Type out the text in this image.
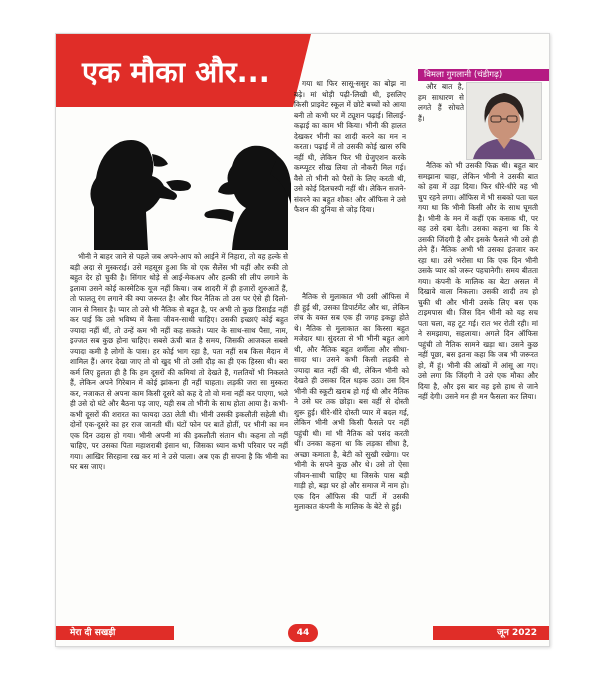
एक मौका और...	विमला गुगलानी (चंडीगढ़)

भीनी ने बाहर जाने से पहले जब अपने-आप को आईने में निहारा, तो वह हल्के से बड़ी अदा से मुस्कराई। उसे महसूस हुआ कि वो एक सैलेंस भी यहीं और रुकी तो बहुत देर हो चुकी है। सिंगार थोड़े से आई-मेकअप और हल्की सी लीप लगाने के इलावा उसने कोई कास्मेटिक यूज नहीं किया। जब शादरी में ही हजारों शुरुआतें हैं, तो फालतू रंग लगाने की क्या जरूरत है! और फिर नैतिक तो उस पर ऐसे ही दिलो-जान से निसार है। प्यार तो उसे भी नैतिक से बहुत है, पर अभी तो कुछ डिसाईड नहीं कर पाई कि उसे भविष्य में कैसा जीवन-साथी चाहिए। उसकी इच्छाएं कोई बहुत ज्यादा नहीं थीं, तो उन्हें कम भी नहीं कह सकते। प्यार के साथ-साथ पैसा, नाम, इज्जत सब कुछ होना चाहिए। सबसे ऊंची बात है समय, जिसकी आजकल सबसे ज्यादा कमी है लोगों के पास। हर कोई भाग रहा है, पता नहीं सब किस मैदान में शामिल हैं। अगर देखा जाए तो वो खुद भी तो उसी दौड़ का ही एक हिस्सा थी। बरा कर्म लिए हुलता ही है कि हम दूसरों की कमियां तो देखते हैं, गलतियों भी निकलते हैं, लेकिन अपने गिरेबान में कोई झांकना ही नहीं चाहता। लड़की जरा सा मुस्करा कर, नजाकत से अपना काम किसी दूसरे को कह दे तो वो मना नहीं कर पाएगा, भले ही उसे दो घंटे और बैठना पड़ जाए, यही सब तो भीनी के साथ होता आया है। कभी-कभी दूसरों की शरारत का फायदा उठा लेती थी। भीनी उसकी इकलौती सहेली थी। दोनों एक-दूसरे का हर राज जानती थीं। घंटों फोन पर बातें होतीं, पर भीनी का मन एक दिन उदास हो गया। भीनी अपनी मां की इकलौती संतान थी। कहना तो नहीं चाहिए, पर उसका पिता महाशराबी इंसान था, जिसका ध्यान कभी परिवार पर नहीं गया। आखिर सिरहाना रख कर मां ने उसे पाला। अब एक ही सपना है कि भीनी का घर बस जाए।

गया था फिर सासू-ससुर का बोझ ना बढ़े। मां थोड़ी पढ़ी-लिखी थी, इसलिए किसी प्राइवेट स्कूल में छोटे बच्चों को आया बनी तो कभी घर में ट्यूशन पढ़ाई। सिलाई-कढ़ाई का काम भी किया। भीनी की हालत देखकर भीनी का शादी करने का मन न करता। पढ़ाई में तो उसकी कोई खास रुचि नहीं थी, लेकिन फिर भी ग्रेजुएशन करके कम्प्यूटर सीख लिया तो नौकरी मिल गई। वैसे तो भीनी को पैसों के लिए करती थी, उसे कोई दिलचस्पी नहीं थी। लेकिन सजने-संवरने का बहुत शौक! और ऑफिस ने उसे फैशन की दुनिया से जोड़ दिया।

नैतिक से मुलाकात भी उसी ऑफिस में ही हुई थी, उसका डिपार्टमेंट और था, लेकिन लंच के वक्त सब एक ही जगह इकट्ठा होते थे। नैतिक से मुलाकात का किस्सा बहुत मजेदार था। सुंदरता से भी भीनी बहुत आगे थी, और नैतिक बहुत शर्मीला और सीधा-सादा था। उसने कभी किसी लड़की से ज्यादा बात नहीं की थी, लेकिन भीनी को देखते ही उसका दिल धड़क उठा। उस दिन भीनी की स्कूटी खराब हो गई थी और नैतिक ने उसे घर तक छोड़ा। बस वहीं से दोस्ती शुरू हुई। धीरे-धीरे दोस्ती प्यार में बदल गई, लेकिन भीनी अभी किसी फैसले पर नहीं पहुंची थी। मां भी नैतिक को पसंद करती थीं। उनका कहना था कि लड़का सीधा है, अच्छा कमाता है, बेटी को सुखी रखेगा। पर भीनी के सपने कुछ और थे। उसे तो ऐसा जीवन-साथी चाहिए था जिसके पास बड़ी गाड़ी हो, बड़ा घर हो और समाज में नाम हो। एक दिन ऑफिस की पार्टी में उसकी मुलाकात कंपनी के मालिक के बेटे से हुई।

और बात है, हम साधारण से लगते हैं सोचते हैं।

नैतिक को भी उसकी फिक्र थी। बहुत बार समझाना चाहा, लेकिन भीनी ने उसकी बात को हवा में उड़ा दिया। फिर धीरे-धीरे वह भी चुप रहने लगा। ऑफिस में भी सबको पता चल गया था कि भीनी किसी और के साथ घूमती है। भीनी के मन में कहीं एक कसक थी, पर वह उसे दबा देती। उसका कहना था कि ये उसकी जिंदगी है और इसके फैसले भी उसे ही लेने हैं। नैतिक अभी भी उसका इंतजार कर रहा था। उसे भरोसा था कि एक दिन भीनी उसके प्यार को जरूर पहचानेगी। समय बीतता गया। कंपनी के मालिक का बेटा असल में दिखावे वाला निकला। उसकी शादी तय हो चुकी थी और भीनी उसके लिए बस एक टाइमपास थी। जिस दिन भीनी को यह सच पता चला, वह टूट गई। रात भर रोती रही। मां ने समझाया, सहलाया। अगले दिन ऑफिस पहुंची तो नैतिक सामने खड़ा था। उसने कुछ नहीं पूछा, बस इतना कहा कि जब भी जरूरत हो, मैं हूं। भीनी की आंखों में आंसू आ गए। उसे लगा कि जिंदगी ने उसे एक मौका और दिया है, और इस बार वह इसे हाथ से जाने नहीं देगी। उसने मन ही मन फैसला कर लिया।

मेरा दी सखड़ी	44	जून 2022
